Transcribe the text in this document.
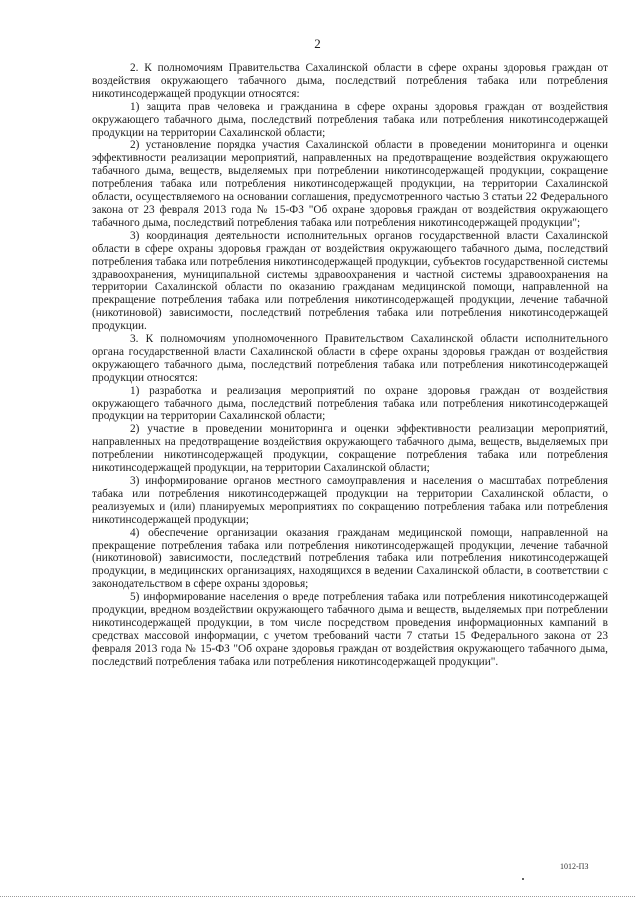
2

2. К полномочиям Правительства Сахалинской области в сфере охраны здоровья граждан от воздействия окружающего табачного дыма, последствий потребления табака или потребления никотинсодержащей продукции относятся:

1) защита прав человека и гражданина в сфере охраны здоровья граждан от воздействия окружающего табачного дыма, последствий потребления табака или потребления никотинсодержащей продукции на территории Сахалинской области;

2) установление порядка участия Сахалинской области в проведении мониторинга и оценки эффективности реализации мероприятий, направленных на предотвращение воздействия окружающего табачного дыма, веществ, выделяемых при потреблении никотинсодержащей продукции, сокращение потребления табака или потребления никотинсодержащей продукции, на территории Сахалинской области, осуществляемого на основании соглашения, предусмотренного частью 3 статьи 22 Федерального закона от 23 февраля 2013 года № 15-ФЗ "Об охране здоровья граждан от воздействия окружающего табачного дыма, последствий потребления табака или потребления никотинсодержащей продукции";

3) координация деятельности исполнительных органов государственной власти Сахалинской области в сфере охраны здоровья граждан от воздействия окружающего табачного дыма, последствий потребления табака или потребления никотинсодержащей продукции, субъектов государственной системы здравоохранения, муниципальной системы здравоохранения и частной системы здравоохранения на территории Сахалинской области по оказанию гражданам медицинской помощи, направленной на прекращение потребления табака или потребления никотинсодержащей продукции, лечение табачной (никотиновой) зависимости, последствий потребления табака или потребления никотинсодержащей продукции.

3. К полномочиям уполномоченного Правительством Сахалинской области исполнительного органа государственной власти Сахалинской области в сфере охраны здоровья граждан от воздействия окружающего табачного дыма, последствий потребления табака или потребления никотинсодержащей продукции относятся:

1) разработка и реализация мероприятий по охране здоровья граждан от воздействия окружающего табачного дыма, последствий потребления табака или потребления никотинсодержащей продукции на территории Сахалинской области;

2) участие в проведении мониторинга и оценки эффективности реализации мероприятий, направленных на предотвращение воздействия окружающего табачного дыма, веществ, выделяемых при потреблении никотинсодержащей продукции, сокращение потребления табака или потребления никотинсодержащей продукции, на территории Сахалинской области;

3) информирование органов местного самоуправления и населения о масштабах потребления табака или потребления никотинсодержащей продукции на территории Сахалинской области, о реализуемых и (или) планируемых мероприятиях по сокращению потребления табака или потребления никотинсодержащей продукции;

4) обеспечение организации оказания гражданам медицинской помощи, направленной на прекращение потребления табака или потребления никотинсодержащей продукции, лечение табачной (никотиновой) зависимости, последствий потребления табака или потребления никотинсодержащей продукции, в медицинских организациях, находящихся в ведении Сахалинской области, в соответствии с законодательством в сфере охраны здоровья;

5) информирование населения о вреде потребления табака или потребления никотинсодержащей продукции, вредном воздействии окружающего табачного дыма и веществ, выделяемых при потреблении никотинсодержащей продукции, в том числе посредством проведения информационных кампаний в средствах массовой информации, с учетом требований части 7 статьи 15 Федерального закона от 23 февраля 2013 года № 15-ФЗ "Об охране здоровья граждан от воздействия окружающего табачного дыма, последствий потребления табака или потребления никотинсодержащей продукции".

1012-ПЗ
